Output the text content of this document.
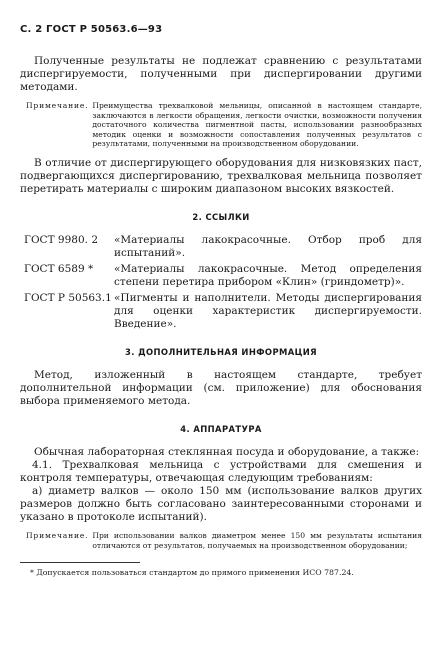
С. 2 ГОСТ Р 50563.6—93

Полученные результаты не подлежат сравнению с результатами диспергируемости, полученными при диспергировании другими методами.

Примечание. Преимущества трехвалковой мельницы, описанной в настоящем стандарте, заключаются в легкости обращения, легкости очистки, возможности получения достаточного количества пигментной пасты, использовании разнообразных методик оценки и возможности сопоставления полученных результатов с результатами, полученными на производственном оборудовании.

В отличие от диспергирующего оборудования для низковязких паст, подвергающихся диспергированию, трехвалковая мельница позволяет перетирать материалы с широким диапазоном высоких вязкостей.

2. ССЫЛКИ
ГОСТ 9980. 2	«Материалы лакокрасочные. Отбор проб для испытаний».
ГОСТ 6589 *	«Материалы лакокрасочные. Метод определения степени перетира прибором «Клин» (гриндометр)».
ГОСТ Р 50563.1 «Пигменты и наполнители. Методы диспергирования для оценки характеристик диспергируемости. Введение».
3. ДОПОЛНИТЕЛЬНАЯ ИНФОРМАЦИЯ

Метод, изложенный в настоящем стандарте, требует дополнительной информации (см. приложение) для обоснования выбора применяемого метода.

4. АППАРАТУРА

Обычная лабораторная стеклянная посуда и оборудование, а также:

4.1. Трехвалковая мельница с устройствами для смешения и контроля температуры, отвечающая следующим требованиям:

а) диаметр валков — около 150 мм (использование валков других размеров должно быть согласовано заинтересованными сторонами и указано в протоколе испытаний).

Примечание. При использовании валков диаметром менее 150 мм результаты испытания отличаются от результатов, получаемых на производственном оборудовании;
* Допускается пользоваться стандартом до прямого применения ИСО 787.24.
